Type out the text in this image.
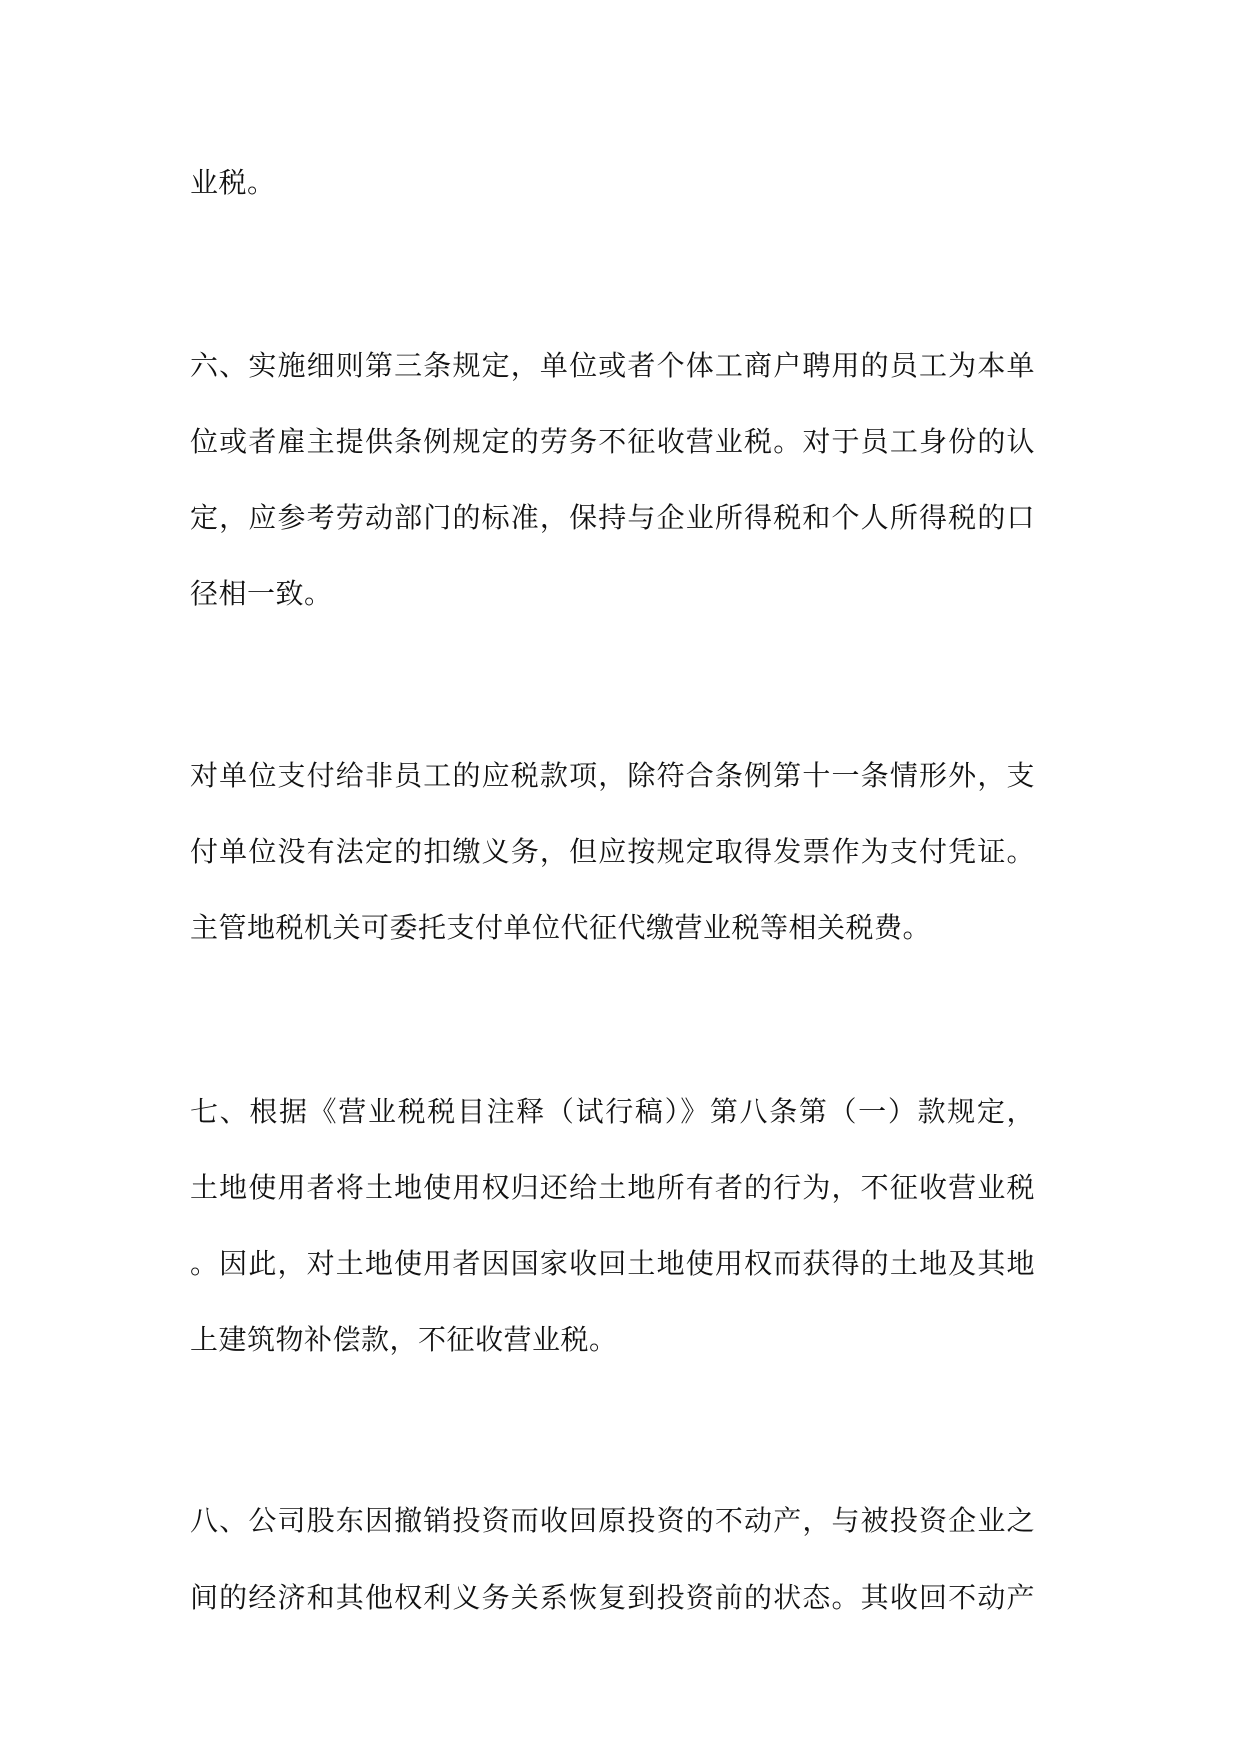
业税。
六、实施细则第三条规定，单位或者个体工商户聘用的员工为本单
位或者雇主提供条例规定的劳务不征收营业税。对于员工身份的认
定，应参考劳动部门的标准，保持与企业所得税和个人所得税的口
径相一致。
对单位支付给非员工的应税款项，除符合条例第十一条情形外，支
付单位没有法定的扣缴义务，但应按规定取得发票作为支付凭证。
主管地税机关可委托支付单位代征代缴营业税等相关税费。
七、根据《营业税税目注释（试行稿）》第八条第（一）款规定，
土地使用者将土地使用权归还给土地所有者的行为，不征收营业税
。因此，对土地使用者因国家收回土地使用权而获得的土地及其地
上建筑物补偿款，不征收营业税。
八、公司股东因撤销投资而收回原投资的不动产，与被投资企业之
间的经济和其他权利义务关系恢复到投资前的状态。其收回不动产
